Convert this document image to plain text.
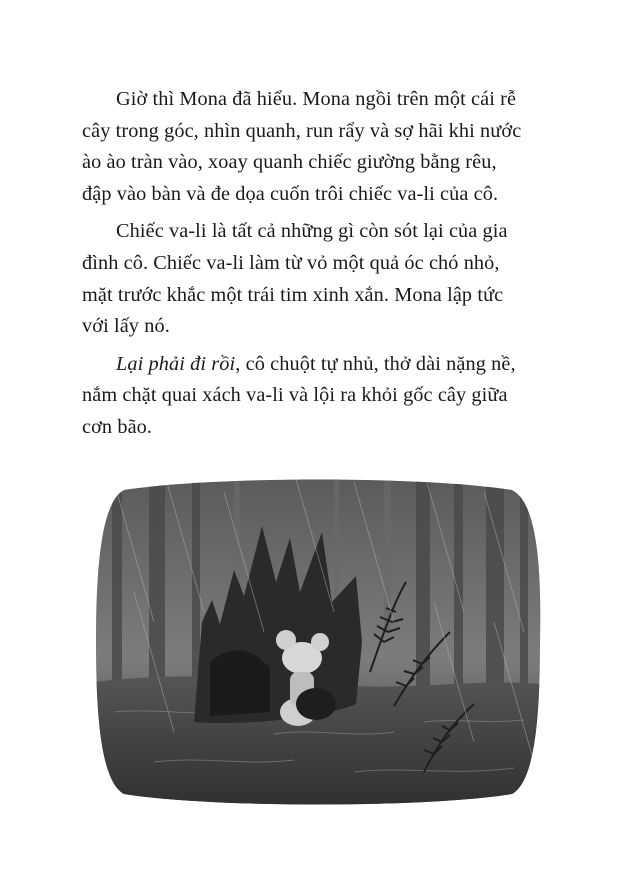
Giờ thì Mona đã hiểu. Mona ngồi trên một cái rễ
cây trong góc, nhìn quanh, run rẩy và sợ hãi khi nước
ào ào tràn vào, xoay quanh chiếc giường bằng rêu,
đập vào bàn và đe dọa cuốn trôi chiếc va-li của cô.

Chiếc va-li là tất cả những gì còn sót lại của gia
đình cô. Chiếc va-li làm từ vỏ một quả óc chó nhỏ,
mặt trước khắc một trái tim xinh xắn. Mona lập tức
với lấy nó.

Lại phải đi rồi, cô chuột tự nhủ, thở dài nặng nề,
nắm chặt quai xách va-li và lội ra khỏi gốc cây giữa
cơn bão.
